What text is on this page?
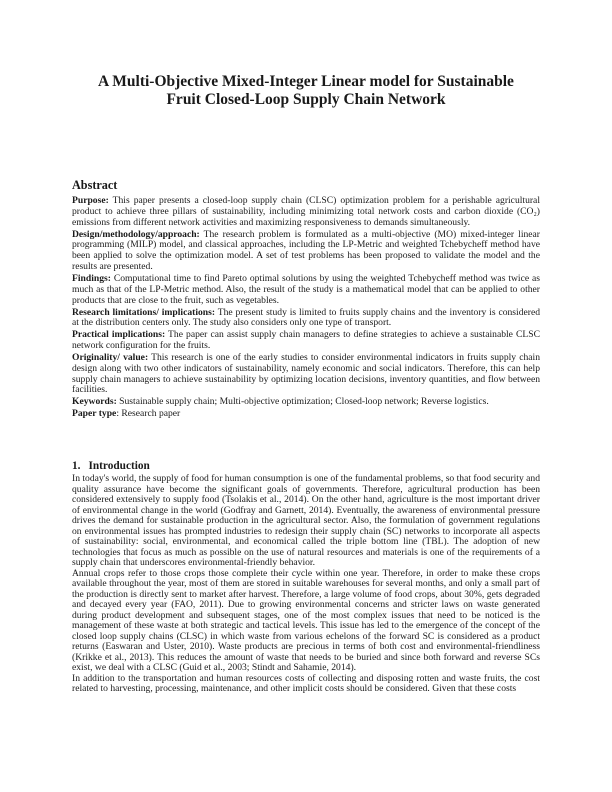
A Multi-Objective Mixed-Integer Linear model for Sustainable
Fruit Closed-Loop Supply Chain Network
Abstract

Purpose: This paper presents a closed-loop supply chain (CLSC) optimization problem for a perishable agricultural product to achieve three pillars of sustainability, including minimizing total network costs and carbon dioxide (CO₂) emissions from different network activities and maximizing responsiveness to demands simultaneously.

Design/methodology/approach: The research problem is formulated as a multi-objective (MO) mixed-integer linear programming (MILP) model, and classical approaches, including the LP-Metric and weighted Tchebycheff method have been applied to solve the optimization model. A set of test problems has been proposed to validate the model and the results are presented.

Findings: Computational time to find Pareto optimal solutions by using the weighted Tchebycheff method was twice as much as that of the LP-Metric method. Also, the result of the study is a mathematical model that can be applied to other products that are close to the fruit, such as vegetables.

Research limitations/ implications: The present study is limited to fruits supply chains and the inventory is considered at the distribution centers only. The study also considers only one type of transport.

Practical implications: The paper can assist supply chain managers to define strategies to achieve a sustainable CLSC network configuration for the fruits.

Originality/ value: This research is one of the early studies to consider environmental indicators in fruits supply chain design along with two other indicators of sustainability, namely economic and social indicators. Therefore, this can help supply chain managers to achieve sustainability by optimizing location decisions, inventory quantities, and flow between facilities.

Keywords: Sustainable supply chain; Multi-objective optimization; Closed-loop network; Reverse logistics.

Paper type: Research paper

1. Introduction

In today's world, the supply of food for human consumption is one of the fundamental problems, so that food security and quality assurance have become the significant goals of governments. Therefore, agricultural production has been considered extensively to supply food (Tsolakis et al., 2014). On the other hand, agriculture is the most important driver of environmental change in the world (Godfray and Garnett, 2014). Eventually, the awareness of environmental pressure drives the demand for sustainable production in the agricultural sector. Also, the formulation of government regulations on environmental issues has prompted industries to redesign their supply chain (SC) networks to incorporate all aspects of sustainability: social, environmental, and economical called the triple bottom line (TBL). The adoption of new technologies that focus as much as possible on the use of natural resources and materials is one of the requirements of a supply chain that underscores environmental-friendly behavior.

Annual crops refer to those crops those complete their cycle within one year. Therefore, in order to make these crops available throughout the year, most of them are stored in suitable warehouses for several months, and only a small part of the production is directly sent to market after harvest. Therefore, a large volume of food crops, about 30%, gets degraded and decayed every year (FAO, 2011). Due to growing environmental concerns and stricter laws on waste generated during product development and subsequent stages, one of the most complex issues that need to be noticed is the management of these waste at both strategic and tactical levels. This issue has led to the emergence of the concept of the closed loop supply chains (CLSC) in which waste from various echelons of the forward SC is considered as a product returns (Easwaran and Uster, 2010). Waste products are precious in terms of both cost and environmental-friendliness (Krikke et al., 2013). This reduces the amount of waste that needs to be buried and since both forward and reverse SCs exist, we deal with a CLSC (Guid et al., 2003; Stindt and Sahamie, 2014).

In addition to the transportation and human resources costs of collecting and disposing rotten and waste fruits, the cost related to harvesting, processing, maintenance, and other implicit costs should be considered. Given that these costs
